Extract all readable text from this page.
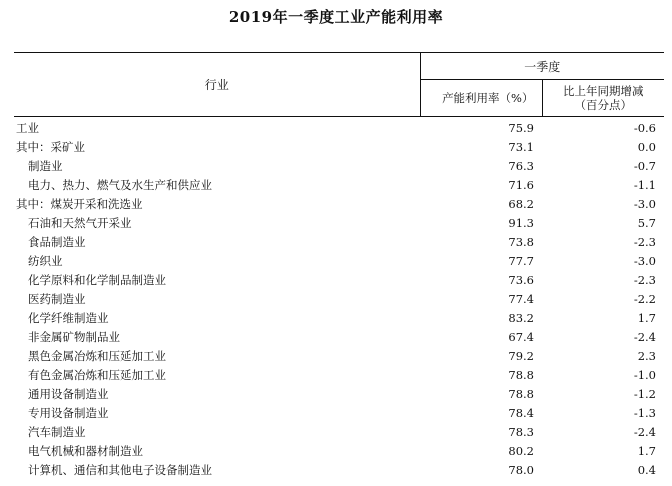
2019年一季度工业产能利用率
行业	一季度	
	产能利用率（%）	比上年同期增减
（百分点）

工业	75.9	-0.6
其中：采矿业	73.1	0.0
制造业	76.3	-0.7
电力、热力、燃气及水生产和供应业	71.6	-1.1
其中：煤炭开采和洗选业	68.2	-3.0
石油和天然气开采业	91.3	5.7
食品制造业	73.8	-2.3
纺织业	77.7	-3.0
化学原料和化学制品制造业	73.6	-2.3
医药制造业	77.4	-2.2
化学纤维制造业	83.2	1.7
非金属矿物制品业	67.4	-2.4
黑色金属冶炼和压延加工业	79.2	2.3
有色金属冶炼和压延加工业	78.8	-1.0
通用设备制造业	78.8	-1.2
专用设备制造业	78.4	-1.3
汽车制造业	78.3	-2.4
电气机械和器材制造业	80.2	1.7
计算机、通信和其他电子设备制造业	78.0	0.4
